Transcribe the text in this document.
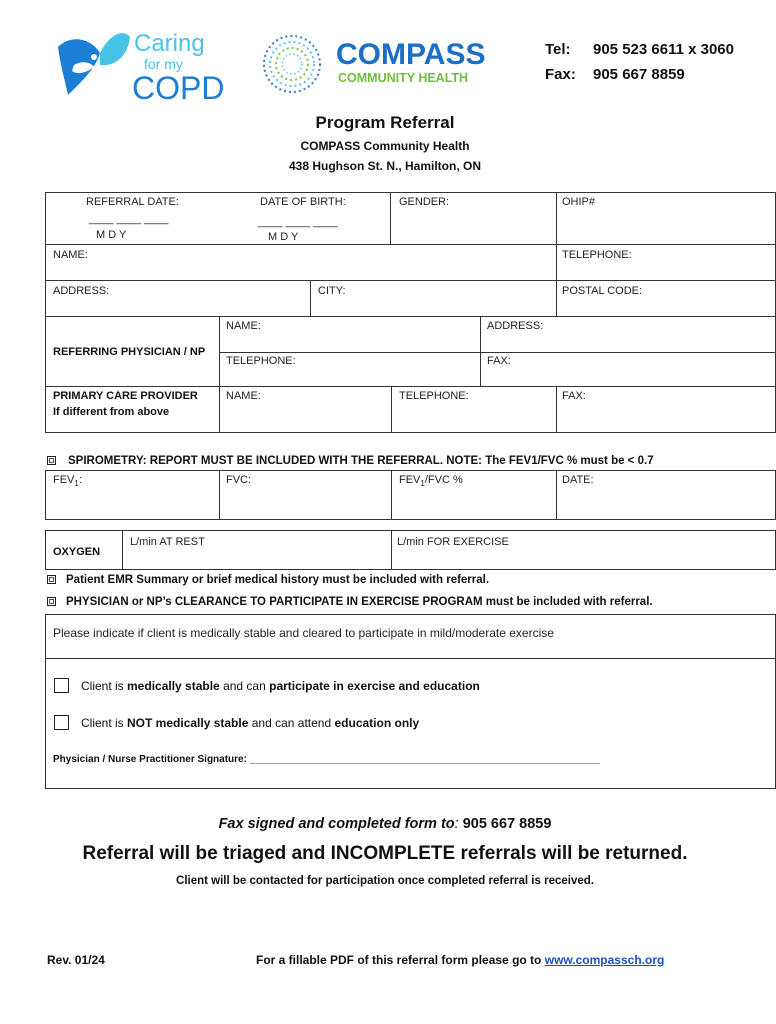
Caring
for my
COPD
COMPASS
COMMUNITY HEALTH
Tel: 905 523 6611 x 3060
Fax: 905 667 8859
Program Referral
COMPASS Community Health
438 Hughson St. N., Hamilton, ON
REFERRAL DATE:
____ ____ ____
M D Y
DATE OF BIRTH:
____ ____ ____
M D Y
GENDER:	OHIP#
NAME:	TELEPHONE:
ADDRESS:	CITY:	POSTAL CODE:
REFERRING PHYSICIAN / NP
NAME:	ADDRESS:
TELEPHONE:	FAX:
PRIMARY CARE PROVIDER
If different from above
NAME:	TELEPHONE:	FAX:
SPIROMETRY: REPORT MUST BE INCLUDED WITH THE REFERRAL. NOTE: The FEV1/FVC % must be < 0.7
$FEV_1$:	FVC:	$FEV_1$/FVC %	DATE:
OXYGEN
L/min AT REST	L/min FOR EXERCISE
Patient EMR Summary or brief medical history must be included with referral.
PHYSICIAN or NP’s CLEARANCE TO PARTICIPATE IN EXERCISE PROGRAM must be included with referral.
Please indicate if client is medically stable and cleared to participate in mild/moderate exercise
Client is medically stable and can participate in exercise and education
Client is NOT medically stable and can attend education only
Physician / Nurse Practitioner Signature: _______________________________________________________________
Fax signed and completed form to: 905 667 8859
Referral will be triaged and INCOMPLETE referrals will be returned.
Client will be contacted for participation once completed referral is received.
Rev. 01/24	For a fillable PDF of this referral form please go to www.compassch.org
